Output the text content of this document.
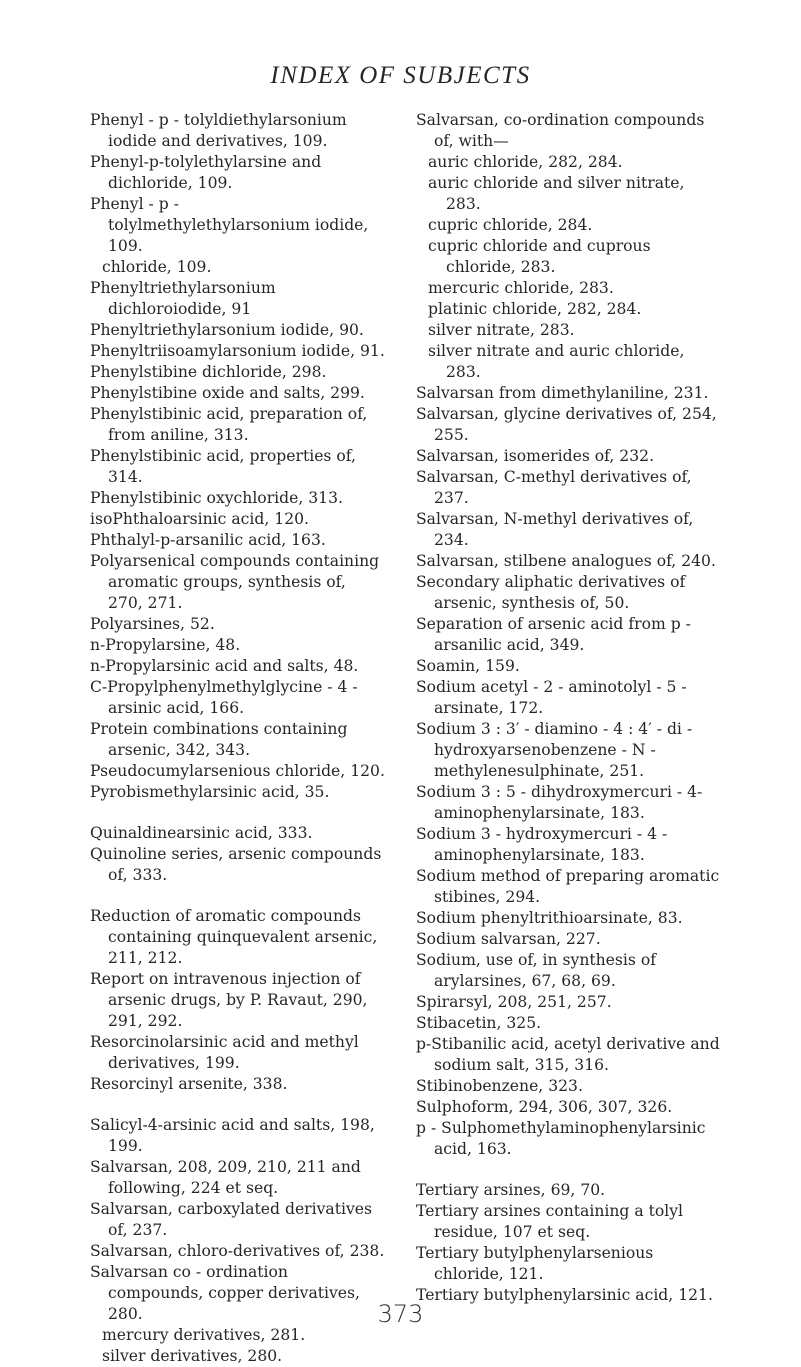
INDEX OF SUBJECTS

Phenyl - p - tolyldiethylarsonium iodide and derivatives, 109.

Phenyl-p-tolylethylarsine and dichloride, 109.

Phenyl - p - tolylmethylethylarsonium iodide, 109.

chloride, 109.

Phenyltriethylarsonium dichloroiodide, 91

Phenyltriethylarsonium iodide, 90.

Phenyltriisoamylarsonium iodide, 91.

Phenylstibine dichloride, 298.

Phenylstibine oxide and salts, 299.

Phenylstibinic acid, preparation of, from aniline, 313.

Phenylstibinic acid, properties of, 314.

Phenylstibinic oxychloride, 313.

isoPhthaloarsinic acid, 120.

Phthalyl-p-arsanilic acid, 163.

Polyarsenical compounds containing aromatic groups, synthesis of, 270, 271.

Polyarsines, 52.

n-Propylarsine, 48.

n-Propylarsinic acid and salts, 48.

C-Propylphenylmethylglycine - 4 - arsinic acid, 166.

Protein combinations containing arsenic, 342, 343.

Pseudocumylarsenious chloride, 120.

Pyrobismethylarsinic acid, 35.

Quinaldinearsinic acid, 333.

Quinoline series, arsenic compounds of, 333.

Reduction of aromatic compounds containing quinquevalent arsenic, 211, 212.

Report on intravenous injection of arsenic drugs, by P. Ravaut, 290, 291, 292.

Resorcinolarsinic acid and methyl derivatives, 199.

Resorcinyl arsenite, 338.

Salicyl-4-arsinic acid and salts, 198, 199.

Salvarsan, 208, 209, 210, 211 and following, 224 et seq.

Salvarsan, carboxylated derivatives of, 237.

Salvarsan, chloro-derivatives of, 238.

Salvarsan co - ordination compounds, copper derivatives, 280.

mercury derivatives, 281.

silver derivatives, 280.

Salvarsan, co-ordination compounds of, with—

auric chloride, 282, 284.

auric chloride and silver nitrate, 283.

cupric chloride, 284.

cupric chloride and cuprous chloride, 283.

mercuric chloride, 283.

platinic chloride, 282, 284.

silver nitrate, 283.

silver nitrate and auric chloride, 283.

Salvarsan from dimethylaniline, 231.

Salvarsan, glycine derivatives of, 254, 255.

Salvarsan, isomerides of, 232.

Salvarsan, C-methyl derivatives of, 237.

Salvarsan, N-methyl derivatives of, 234.

Salvarsan, stilbene analogues of, 240.

Secondary aliphatic derivatives of arsenic, synthesis of, 50.

Separation of arsenic acid from p - arsanilic acid, 349.

Soamin, 159.

Sodium acetyl - 2 - aminotolyl - 5 - arsinate, 172.

Sodium 3 : 3′ - diamino - 4 : 4′ - di - hydroxyarsenobenzene - N - methylenesulphinate, 251.

Sodium 3 : 5 - dihydroxymercuri - 4-aminophenylarsinate, 183.

Sodium 3 - hydroxymercuri - 4 - aminophenylarsinate, 183.

Sodium method of preparing aromatic stibines, 294.

Sodium phenyltrithioarsinate, 83.

Sodium salvarsan, 227.

Sodium, use of, in synthesis of arylarsines, 67, 68, 69.

Spirarsyl, 208, 251, 257.

Stibacetin, 325.

p-Stibanilic acid, acetyl derivative and sodium salt, 315, 316.

Stibinobenzene, 323.

Sulphoform, 294, 306, 307, 326.

p - Sulphomethylaminophenylarsinic acid, 163.

Tertiary arsines, 69, 70.

Tertiary arsines containing a tolyl residue, 107 et seq.

Tertiary butylphenylarsenious chloride, 121.

Tertiary butylphenylarsinic acid, 121.

373
